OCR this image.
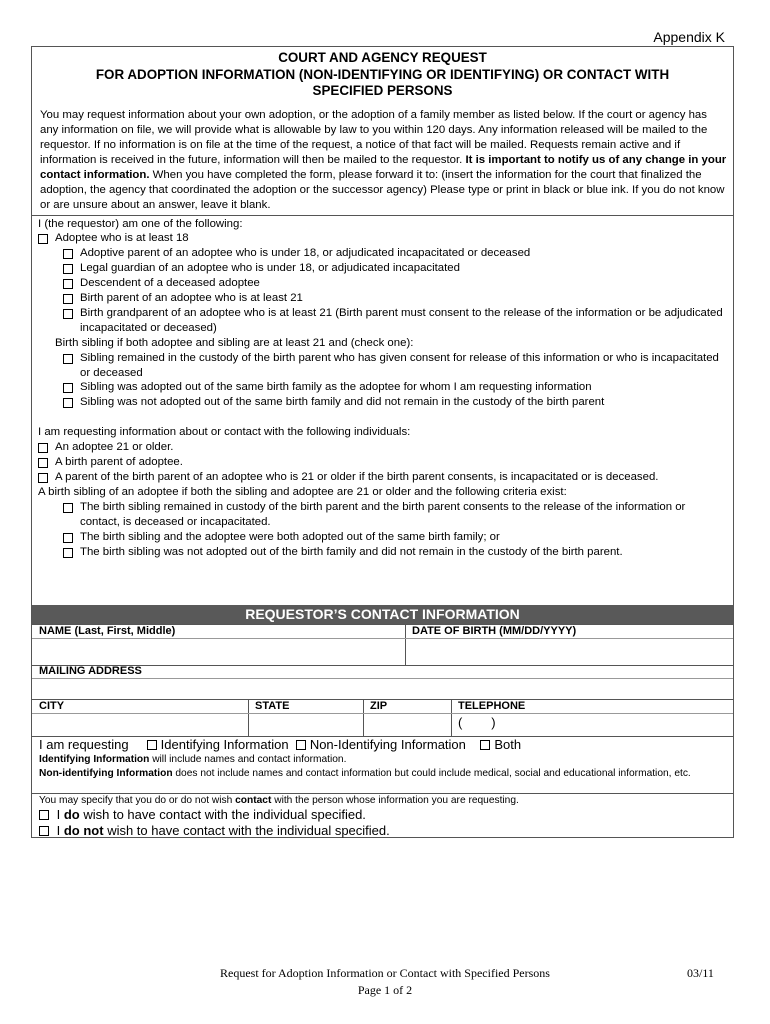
Appendix K
COURT AND AGENCY REQUEST
FOR ADOPTION INFORMATION (NON-IDENTIFYING OR IDENTIFYING) OR CONTACT WITH
SPECIFIED PERSONS
You may request information about your own adoption, or the adoption of a family member as listed below. If the court or agency has any information on file, we will provide what is allowable by law to you within 120 days. Any information released will be mailed to the requestor. If no information is on file at the time of the request, a notice of that fact will be mailed. Requests remain active and if information is received in the future, information will then be mailed to the requestor. It is important to notify us of any change in your contact information. When you have completed the form, please forward it to: (insert the information for the court that finalized the adoption, the agency that coordinated the adoption or the successor agency) Please type or print in black or blue ink. If you do not know or are unsure about an answer, leave it blank.
I (the requestor) am one of the following:
Adoptee who is at least 18
Adoptive parent of an adoptee who is under 18, or adjudicated incapacitated or deceased
Legal guardian of an adoptee who is under 18, or adjudicated incapacitated
Descendent of a deceased adoptee
Birth parent of an adoptee who is at least 21
Birth grandparent of an adoptee who is at least 21 (Birth parent must consent to the release of the information or be adjudicated incapacitated or deceased)
Birth sibling if both adoptee and sibling are at least 21 and (check one):
Sibling remained in the custody of the birth parent who has given consent for release of this information or who is incapacitated or deceased
Sibling was adopted out of the same birth family as the adoptee for whom I am requesting information
Sibling was not adopted out of the same birth family and did not remain in the custody of the birth parent
I am requesting information about or contact with the following individuals:
An adoptee 21 or older.
A birth parent of adoptee.
A parent of the birth parent of an adoptee who is 21 or older if the birth parent consents, is incapacitated or is deceased.
A birth sibling of an adoptee if both the sibling and adoptee are 21 or older and the following criteria exist:
The birth sibling remained in custody of the birth parent and the birth parent consents to the release of the information or contact, is deceased or incapacitated.
The birth sibling and the adoptee were both adopted out of the same birth family; or
The birth sibling was not adopted out of the birth family and did not remain in the custody of the birth parent.
REQUESTOR’S CONTACT INFORMATION
NAME (Last, First, Middle)	DATE OF BIRTH (MM/DD/YYYY)
MAILING ADDRESS
CITY	STATE	ZIP	TELEPHONE
(        )
I am requesting Identifying Information Non-Identifying Information Both
Identifying Information will include names and contact information.
Non-identifying Information does not include names and contact information but could include medical, social and educational information, etc.
You may specify that you do or do not wish contact with the person whose information you are requesting.
I do wish to have contact with the individual specified.
I do not wish to have contact with the individual specified.
Request for Adoption Information or Contact with Specified Persons	03/11
Page 1 of 2
